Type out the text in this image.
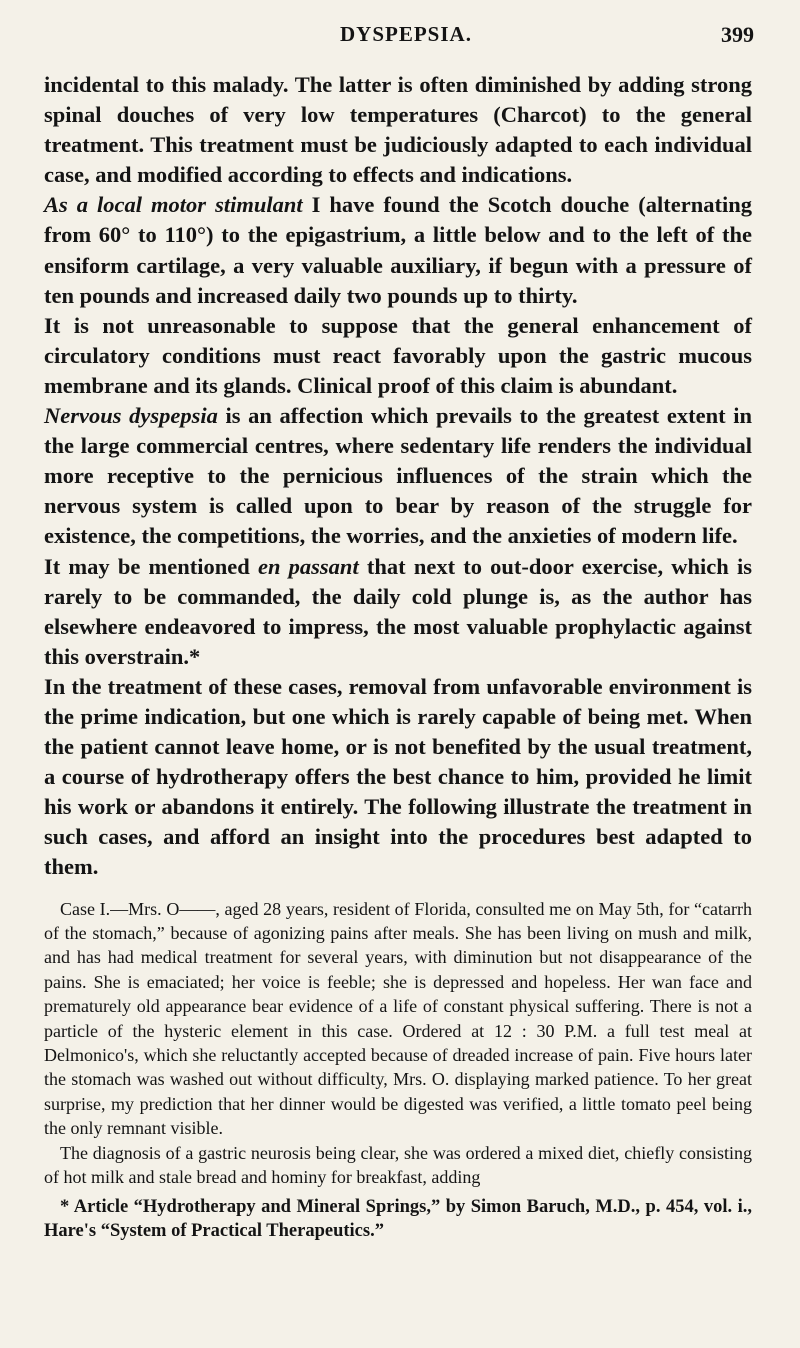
DYSPEPSIA.	399

incidental to this malady. The latter is often diminished by adding strong spinal douches of very low temperatures (Charcot) to the general treatment. This treatment must be judiciously adapted to each individual case, and modified according to effects and indications.

As a local motor stimulant I have found the Scotch douche (alternating from 60° to 110°) to the epigastrium, a little below and to the left of the ensiform cartilage, a very valuable auxiliary, if begun with a pressure of ten pounds and increased daily two pounds up to thirty.

It is not unreasonable to suppose that the general enhancement of circulatory conditions must react favorably upon the gastric mucous membrane and its glands. Clinical proof of this claim is abundant.

Nervous dyspepsia is an affection which prevails to the greatest extent in the large commercial centres, where sedentary life renders the individual more receptive to the pernicious influences of the strain which the nervous system is called upon to bear by reason of the struggle for existence, the competitions, the worries, and the anxieties of modern life.

It may be mentioned en passant that next to out-door exercise, which is rarely to be commanded, the daily cold plunge is, as the author has elsewhere endeavored to impress, the most valuable prophylactic against this overstrain.*

In the treatment of these cases, removal from unfavorable environment is the prime indication, but one which is rarely capable of being met. When the patient cannot leave home, or is not benefited by the usual treatment, a course of hydrotherapy offers the best chance to him, provided he limit his work or abandons it entirely. The following illustrate the treatment in such cases, and afford an insight into the procedures best adapted to them.

Case I.—Mrs. O——, aged 28 years, resident of Florida, consulted me on May 5th, for “catarrh of the stomach,” because of agonizing pains after meals. She has been living on mush and milk, and has had medical treatment for several years, with diminution but not disappearance of the pains. She is emaciated; her voice is feeble; she is depressed and hopeless. Her wan face and prematurely old appearance bear evidence of a life of constant physical suffering. There is not a particle of the hysteric element in this case. Ordered at 12 : 30 P.M. a full test meal at Delmonico's, which she reluctantly accepted because of dreaded increase of pain. Five hours later the stomach was washed out without difficulty, Mrs. O. displaying marked patience. To her great surprise, my prediction that her dinner would be digested was verified, a little tomato peel being the only remnant visible.

The diagnosis of a gastric neurosis being clear, she was ordered a mixed diet, chiefly consisting of hot milk and stale bread and hominy for breakfast, adding

* Article “Hydrotherapy and Mineral Springs,” by Simon Baruch, M.D., p. 454, vol. i., Hare's “System of Practical Therapeutics.”
